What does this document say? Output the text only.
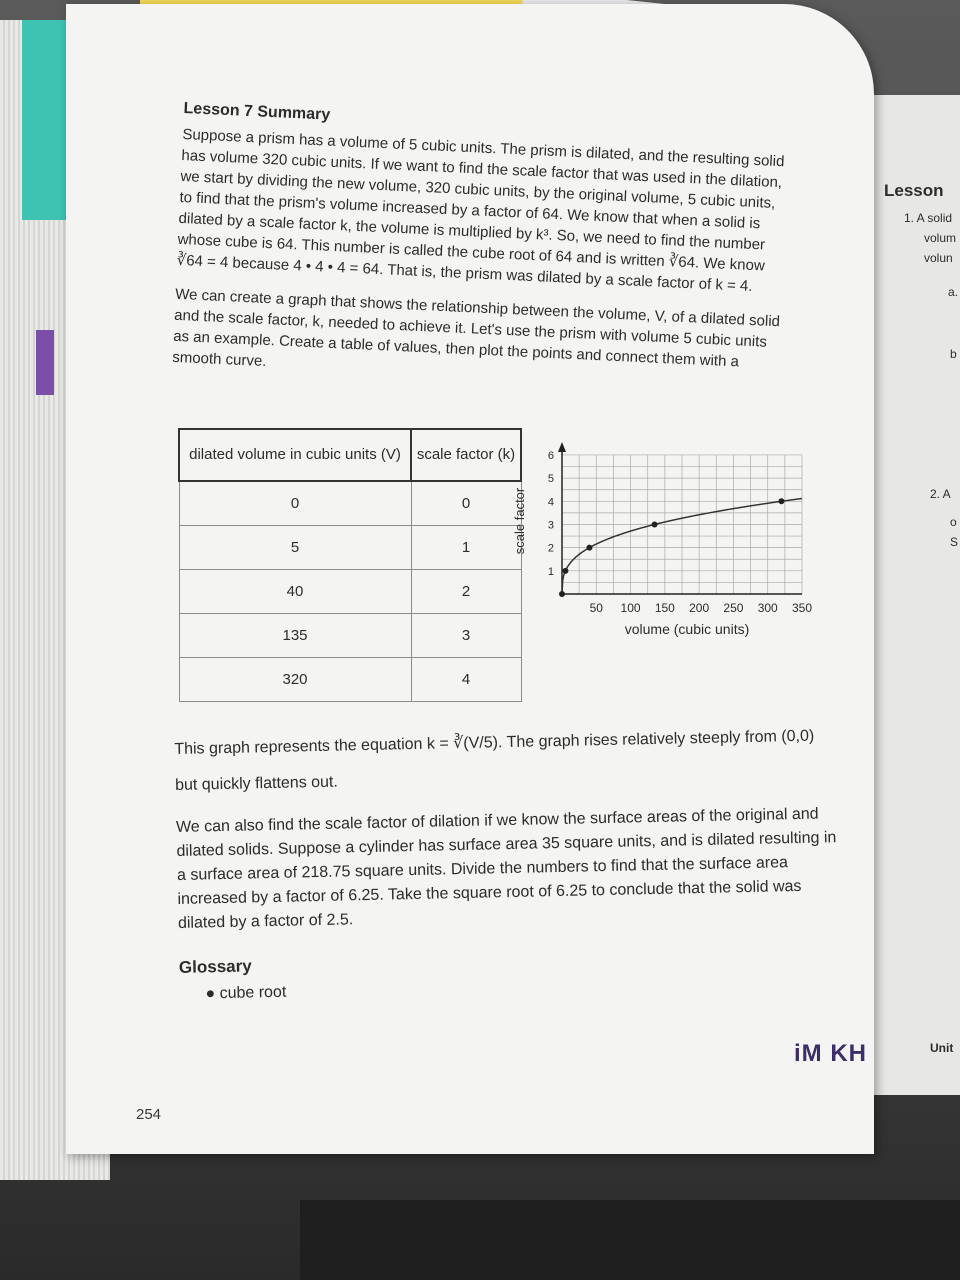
Lesson
1. A solid
volum
volun
a.
b
2. A
o
S
Unit
Lesson 7 Summary

Suppose a prism has a volume of 5 cubic units. The prism is dilated, and the resulting solid has volume 320 cubic units. If we want to find the scale factor that was used in the dilation, we start by dividing the new volume, 320 cubic units, by the original volume, 5 cubic units, to find that the prism's volume increased by a factor of 64. We know that when a solid is dilated by a scale factor k, the volume is multiplied by k³. So, we need to find the number whose cube is 64. This number is called the cube root of 64 and is written ∛64. We know ∛64 = 4 because 4 • 4 • 4 = 64. That is, the prism was dilated by a scale factor of k = 4.

We can create a graph that shows the relationship between the volume, V, of a dilated solid and the scale factor, k, needed to achieve it. Let's use the prism with volume 5 cubic units as an example. Create a table of values, then plot the points and connect them with a smooth curve.

dilated volume in cubic units (V)	scale factor (k)
0	0
5	1
40	2
135	3
320	4
1
2
3
4
5
6
50 100 150 200 250 300 350
scale factor
volume (cubic units)

This graph represents the equation k = ∛(V/5). The graph rises relatively steeply from (0,0) but quickly flattens out.

We can also find the scale factor of dilation if we know the surface areas of the original and dilated solids. Suppose a cylinder has surface area 35 square units, and is dilated resulting in a surface area of 218.75 square units. Divide the numbers to find that the surface area increased by a factor of 6.25. Take the square root of 6.25 to conclude that the solid was dilated by a factor of 2.5.

Glossary
● cube root
254
iM KH
